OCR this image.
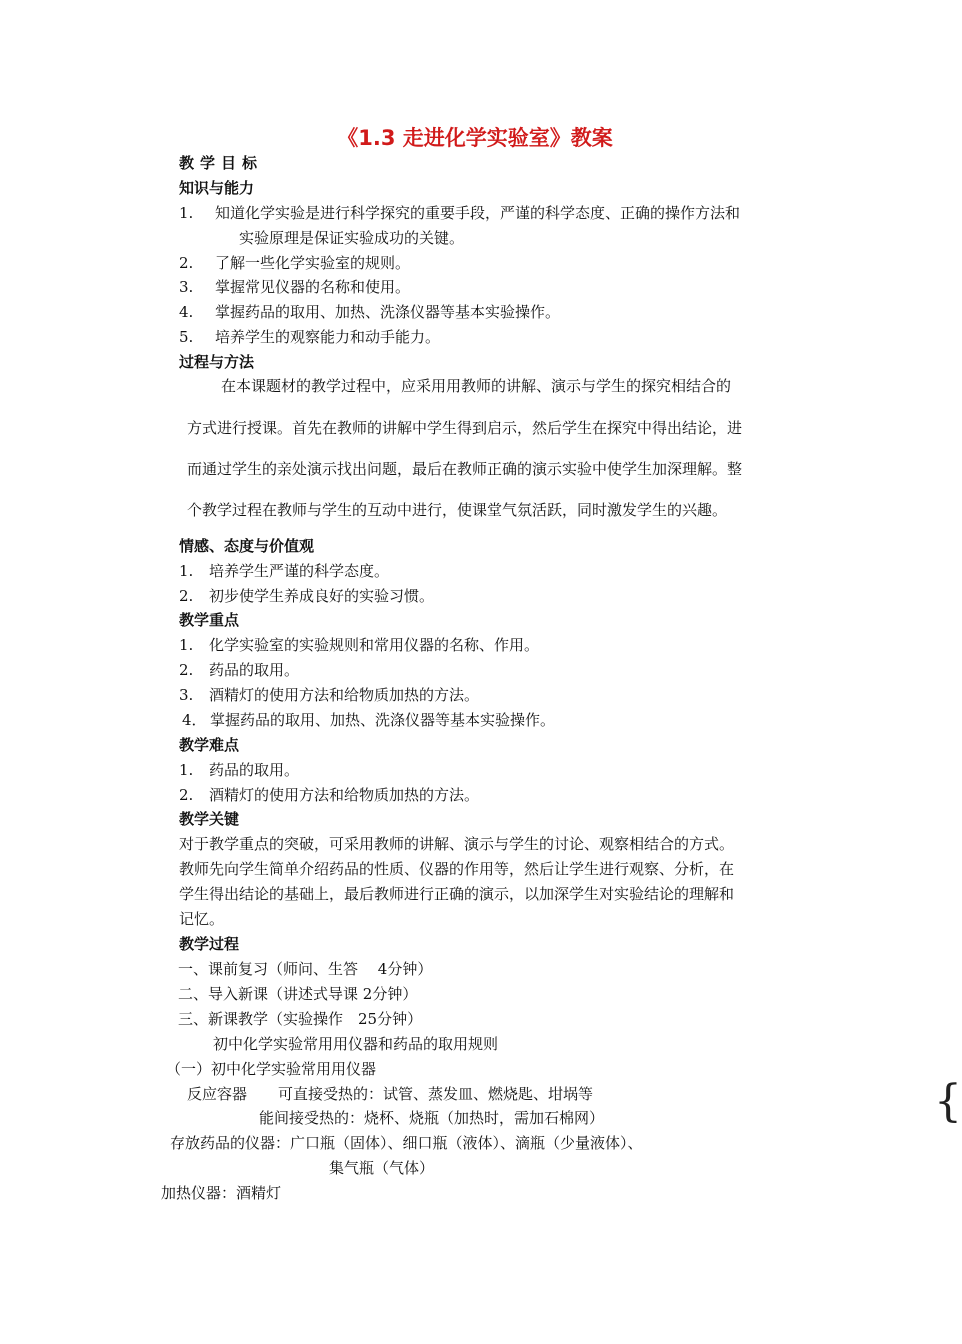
《1.3 走进化学实验室》教案
教学目标
知识与能力
1. 知道化学实验是进行科学探究的重要手段，严谨的科学态度、正确的操作方法和
实验原理是保证实验成功的关键。
2. 了解一些化学实验室的规则。
3. 掌握常见仪器的名称和使用。
4. 掌握药品的取用、加热、洗涤仪器等基本实验操作。
5. 培养学生的观察能力和动手能力。
过程与方法
在本课题材的教学过程中，应采用用教师的讲解、演示与学生的探究相结合的
方式进行授课。首先在教师的讲解中学生得到启示，然后学生在探究中得出结论，进
而通过学生的亲处演示找出问题，最后在教师正确的演示实验中使学生加深理解。整
个教学过程在教师与学生的互动中进行，使课堂气氛活跃，同时激发学生的兴趣。
情感、态度与价值观
1. 培养学生严谨的科学态度。
2. 初步使学生养成良好的实验习惯。
教学重点
1. 化学实验室的实验规则和常用仪器的名称、作用。
2. 药品的取用。
3. 酒精灯的使用方法和给物质加热的方法。
4． 掌握药品的取用、加热、洗涤仪器等基本实验操作。
教学难点
1. 药品的取用。
2. 酒精灯的使用方法和给物质加热的方法。
教学关键
对于教学重点的突破，可采用教师的讲解、演示与学生的讨论、观察相结合的方式。
教师先向学生简单介绍药品的性质、仪器的作用等，然后让学生进行观察、分析，在
学生得出结论的基础上，最后教师进行正确的演示，以加深学生对实验结论的理解和
记忆。
教学过程
一、课前复习（师问、生答　 4分钟）
二、导入新课（讲述式导课 2分钟）
三、新课教学（实验操作　25分钟）
初中化学实验常用用仪器和药品的取用规则
（一）初中化学实验常用用仪器
反应容器 可直接受热的：试管、蒸发皿、燃烧匙、坩埚等
能间接受热的：烧杯、烧瓶（加热时，需加石棉网）
存放药品的仪器：广口瓶（固体）、细口瓶（液体）、滴瓶（少量液体）、
集气瓶（气体）
加热仪器：酒精灯
{
